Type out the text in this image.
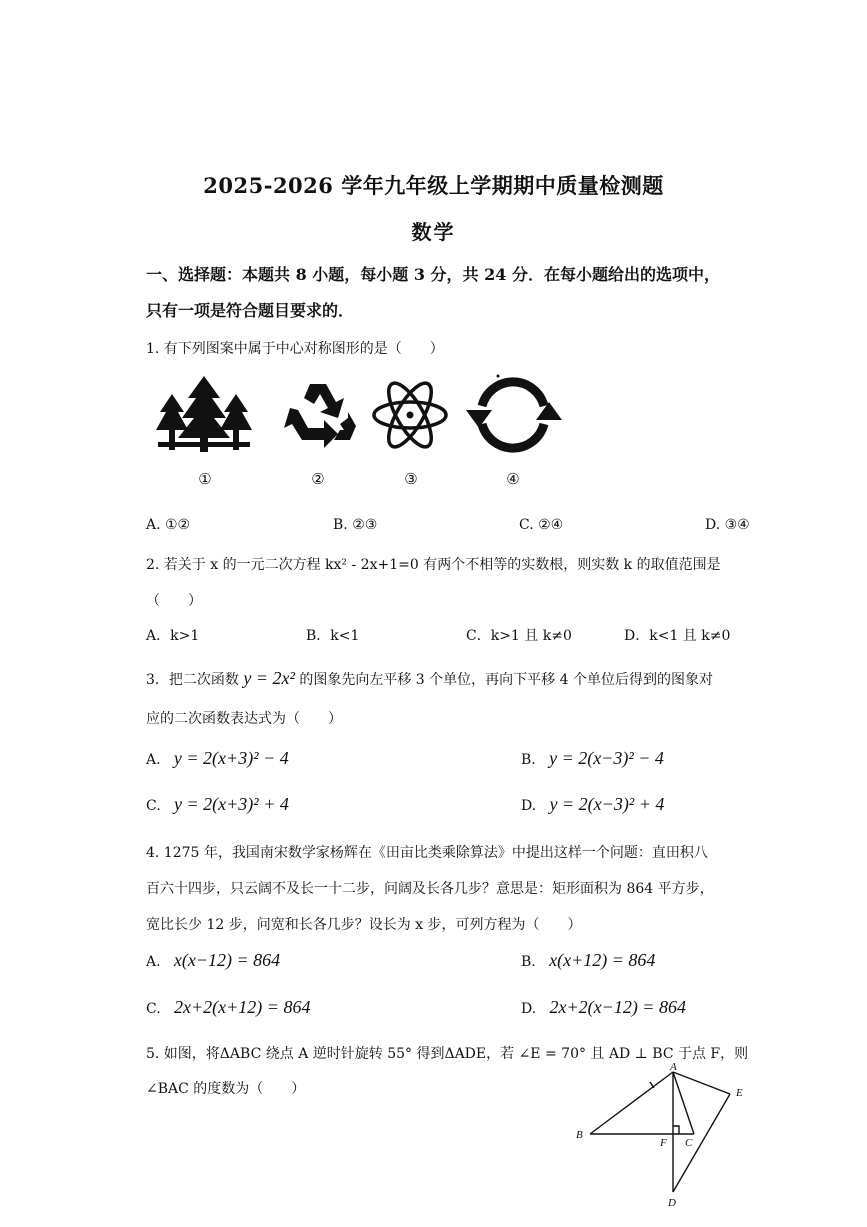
2025-2026 学年九年级上学期期中质量检测题
数学
一、选择题：本题共 8 小题，每小题 3 分，共 24 分．在每小题给出的选项中，
只有一项是符合题目要求的．
1. 有下列图案中属于中心对称图形的是（　　）
①	②	③	④
A. ①②	B. ②③	C. ②④	D. ③④
2. 若关于 x 的一元二次方程 kx² - 2x+1=0 有两个不相等的实数根，则实数 k 的取值范围是
（　　）
A．k>1	B．k<1	C．k>1 且 k≠0	D．k<1 且 k≠0
3．把二次函数 y = 2x² 的图象先向左平移 3 个单位，再向下平移 4 个单位后得到的图象对
应的二次函数表达式为（　　）
A. y = 2(x+3)² − 4	B. y = 2(x−3)² − 4
C. y = 2(x+3)² + 4	D. y = 2(x−3)² + 4
4. 1275 年，我国南宋数学家杨辉在《田亩比类乘除算法》中提出这样一个问题：直田积八
百六十四步，只云阔不及长一十二步，问阔及长各几步？意思是：矩形面积为 864 平方步，
宽比长少 12 步，问宽和长各几步？设长为 x 步，可列方程为（　　）
A. x(x−12) = 864	B. x(x+12) = 864
C. 2x+2(x+12) = 864	D. 2x+2(x−12) = 864
5. 如图，将ΔABC 绕点 A 逆时针旋转 55° 得到ΔADE，若 ∠E = 70° 且 AD ⊥ BC 于点 F，则
∠BAC 的度数为（　　）
A
B
C
D
E
F
